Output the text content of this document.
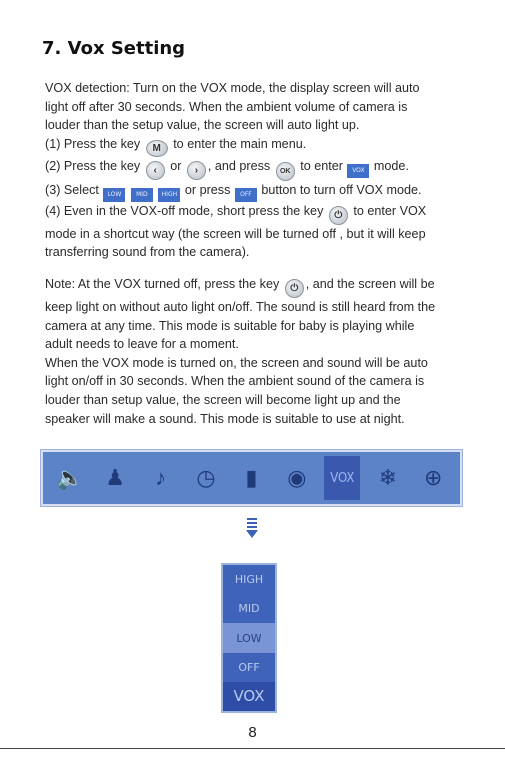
7. Vox Setting
VOX detection: Turn on the VOX mode, the display screen will auto
light off after 30 seconds. When the ambient volume of camera is
louder than the setup value, the screen will auto light up.
(1) Press the key M to enter the main menu.
(2) Press the key ‹ or › , and press OK to enter VOX mode.
(3) Select LOW MID HIGH or press OFF button to turn off VOX mode.
(4) Even in the VOX-off mode, short press the key ⏻ to enter VOX
mode in a shortcut way (the screen will be turned off , but it will keep
transferring sound from the camera).
Note: At the VOX turned off, press the key ⏻ , and the screen will be
keep light on without auto light on/off. The sound is still heard from the
camera at any time. This mode is suitable for baby is playing while
adult needs to leave for a moment.
When the VOX mode is turned on, the screen and sound will be auto
light on/off in 30 seconds. When the ambient sound of the camera is
louder than setup value, the screen will become light up and the
speaker will make a sound. This mode is suitable to use at night.
🔈 ♟	♪	◷	▮	◉	VOX	❄	⊕
HIGH
MID
LOW
OFF
VOX
8
